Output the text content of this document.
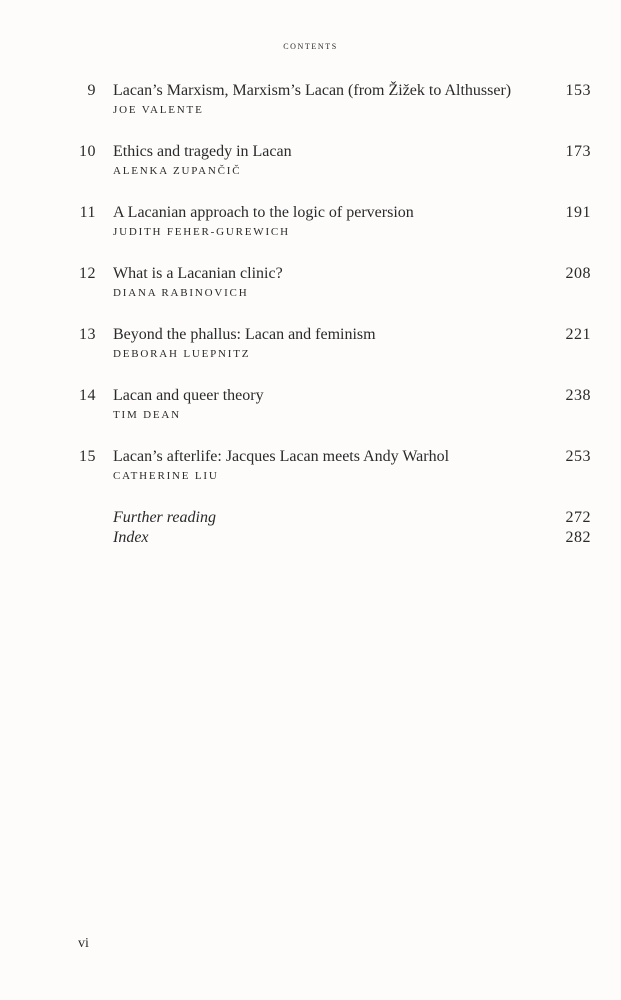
contents
9 Lacan’s Marxism, Marxism’s Lacan (from Žižek to Althusser)	153
JOE VALENTE
10 Ethics and tragedy in Lacan	173
ALENKA ZUPANČIČ
11 A Lacanian approach to the logic of perversion	191
JUDITH FEHER-GUREWICH
12 What is a Lacanian clinic?	208
DIANA RABINOVICH
13 Beyond the phallus: Lacan and feminism	221
DEBORAH LUEPNITZ
14 Lacan and queer theory	238
TIM DEAN
15 Lacan’s afterlife: Jacques Lacan meets Andy Warhol	253
CATHERINE LIU
Further reading	272
Index	282
vi
